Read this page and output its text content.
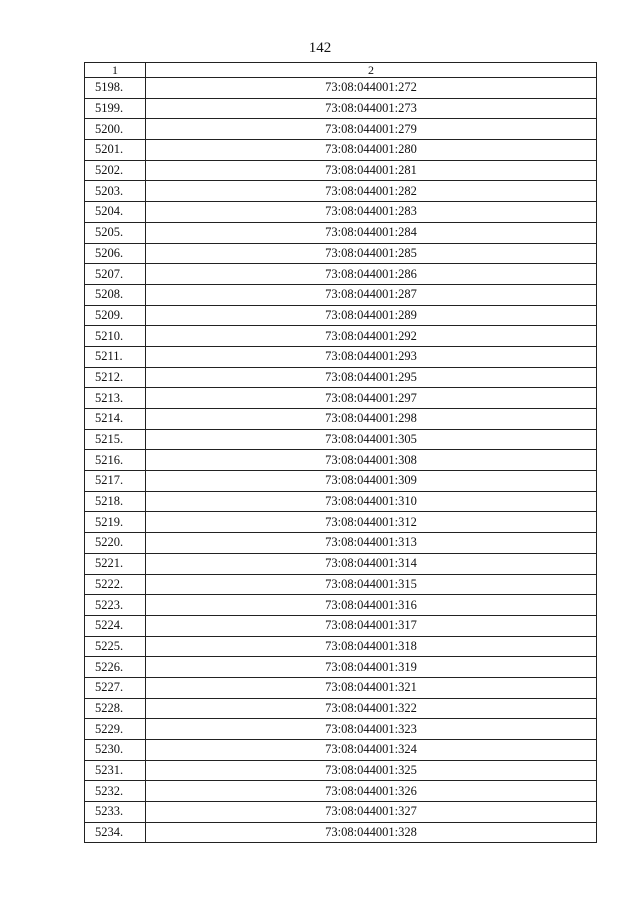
142
1	2
5198.	73:08:044001:272
5199.	73:08:044001:273
5200.	73:08:044001:279
5201.	73:08:044001:280
5202.	73:08:044001:281
5203.	73:08:044001:282
5204.	73:08:044001:283
5205.	73:08:044001:284
5206.	73:08:044001:285
5207.	73:08:044001:286
5208.	73:08:044001:287
5209.	73:08:044001:289
5210.	73:08:044001:292
5211.	73:08:044001:293
5212.	73:08:044001:295
5213.	73:08:044001:297
5214.	73:08:044001:298
5215.	73:08:044001:305
5216.	73:08:044001:308
5217.	73:08:044001:309
5218.	73:08:044001:310
5219.	73:08:044001:312
5220.	73:08:044001:313
5221.	73:08:044001:314
5222.	73:08:044001:315
5223.	73:08:044001:316
5224.	73:08:044001:317
5225.	73:08:044001:318
5226.	73:08:044001:319
5227.	73:08:044001:321
5228.	73:08:044001:322
5229.	73:08:044001:323
5230.	73:08:044001:324
5231.	73:08:044001:325
5232.	73:08:044001:326
5233.	73:08:044001:327
5234.	73:08:044001:328
